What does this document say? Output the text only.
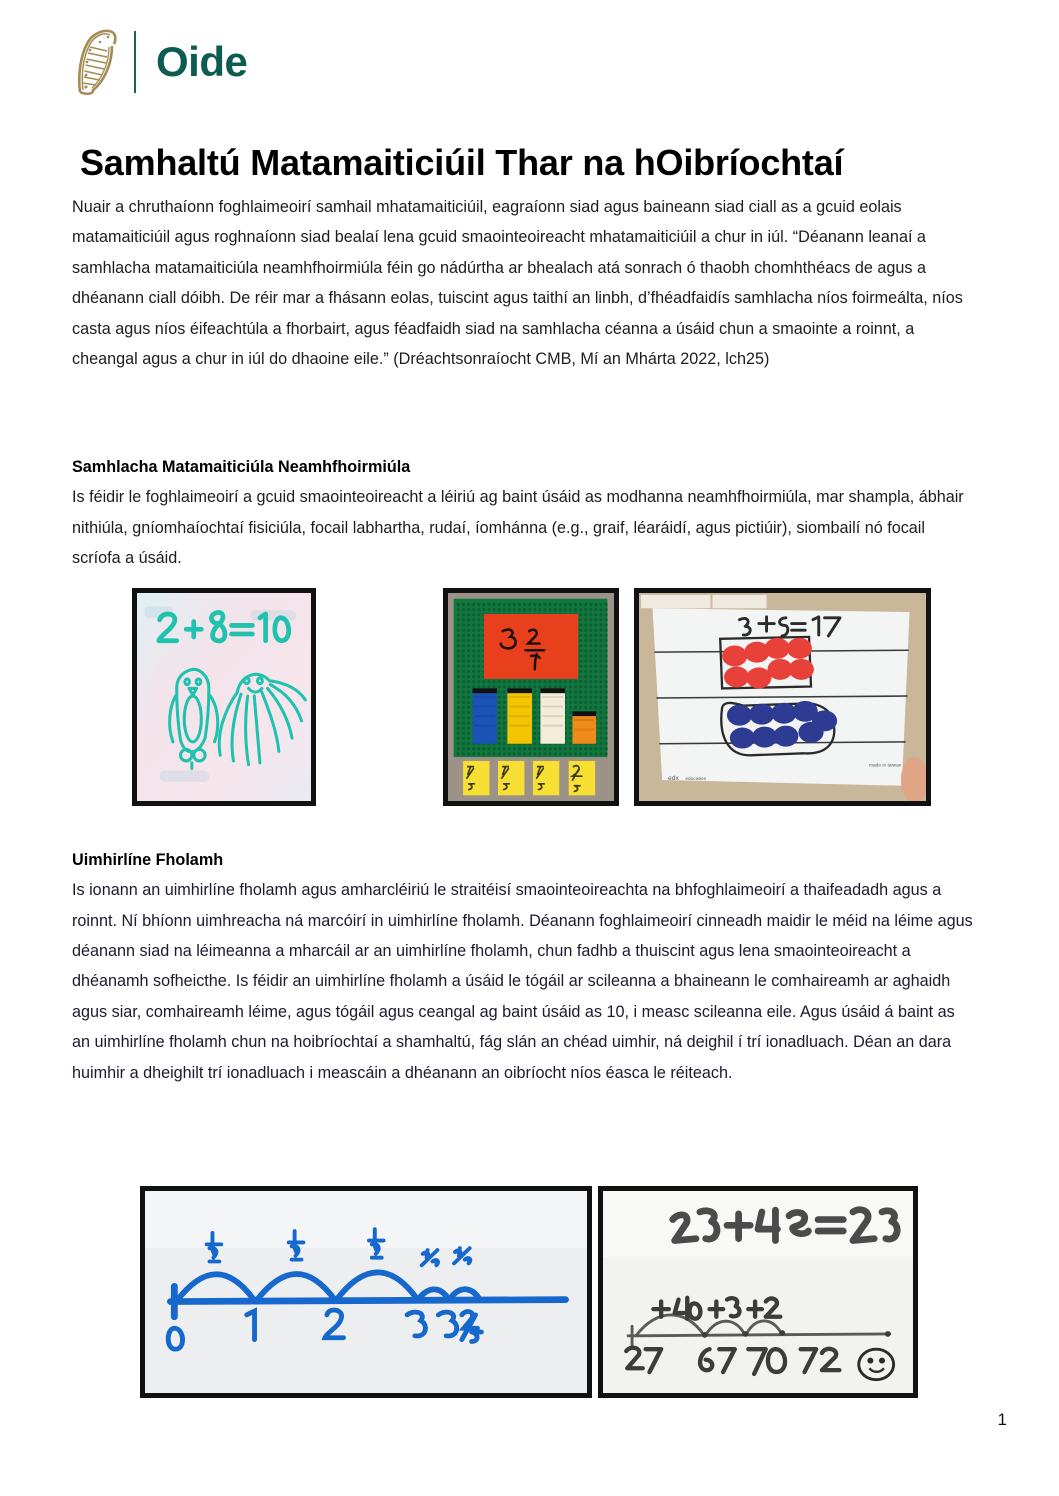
Oide
Samhaltú Matamaiticiúil Thar na hOibríochtaí

Nuair a chruthaíonn foghlaimeoirí samhail mhatamaiticiúil, eagraíonn siad agus baineann siad ciall as a gcuid eolais matamaiticiúil agus roghnaíonn siad bealaí lena gcuid smaointeoireacht mhatamaiticiúil a chur in iúl. “Déanann leanaí a samhlacha matamaiticiúla neamhfhoirmiúla féin go nádúrtha ar bhealach atá sonrach ó thaobh chomhthéacs de agus a dhéanann ciall dóibh. De réir mar a fhásann eolas, tuiscint agus taithí an linbh, d’fhéadfaidís samhlacha níos foirmeálta, níos casta agus níos éifeachtúla a fhorbairt, agus féadfaidh siad na samhlacha céanna a úsáid chun a smaointe a roinnt, a cheangal agus a chur in iúl do dhaoine eile.” (Dréachtsonraíocht CMB, Mí an Mhárta 2022, lch25)

Samhlacha Matamaiticiúla Neamhfhoirmiúla

Is féidir le foghlaimeoirí a gcuid smaointeoireacht a léiriú ag baint úsáid as modhanna neamhfhoirmiúla, mar shampla, ábhair nithiúla, gníomhaíochtaí fisiciúla, focail labhartha, rudaí, íomhánna (e.g., graif, léaráidí, agus pictiúir), siombailí nó focail scríofa a úsáid.

edx education
made in taiwan

Uimhirlíne Fholamh

Is ionann an uimhirlíne fholamh agus amharcléiriú le straitéisí smaointeoireachta na bhfoghlaimeoirí a thaifeadadh agus a roinnt. Ní bhíonn uimhreacha ná marcóirí in uimhirlíne fholamh. Déanann foghlaimeoirí cinneadh maidir le méid na léime agus déanann siad na léimeanna a mharcáil ar an uimhirlíne fholamh, chun fadhb a thuiscint agus lena smaointeoireacht a dhéanamh sofheicthe. Is féidir an uimhirlíne fholamh a úsáid le tógáil ar scileanna a bhaineann le comhaireamh ar aghaidh agus siar, comhaireamh léime, agus tógáil agus ceangal ag baint úsáid as 10, i measc scileanna eile. Agus úsáid á baint as an uimhirlíne fholamh chun na hoibríochtaí a shamhaltú, fág slán an chéad uimhir, ná deighil í trí ionadluach. Déan an dara huimhir a dheighilt trí ionadluach i meascáin a dhéanann an oibríocht níos éasca le réiteach.

1
